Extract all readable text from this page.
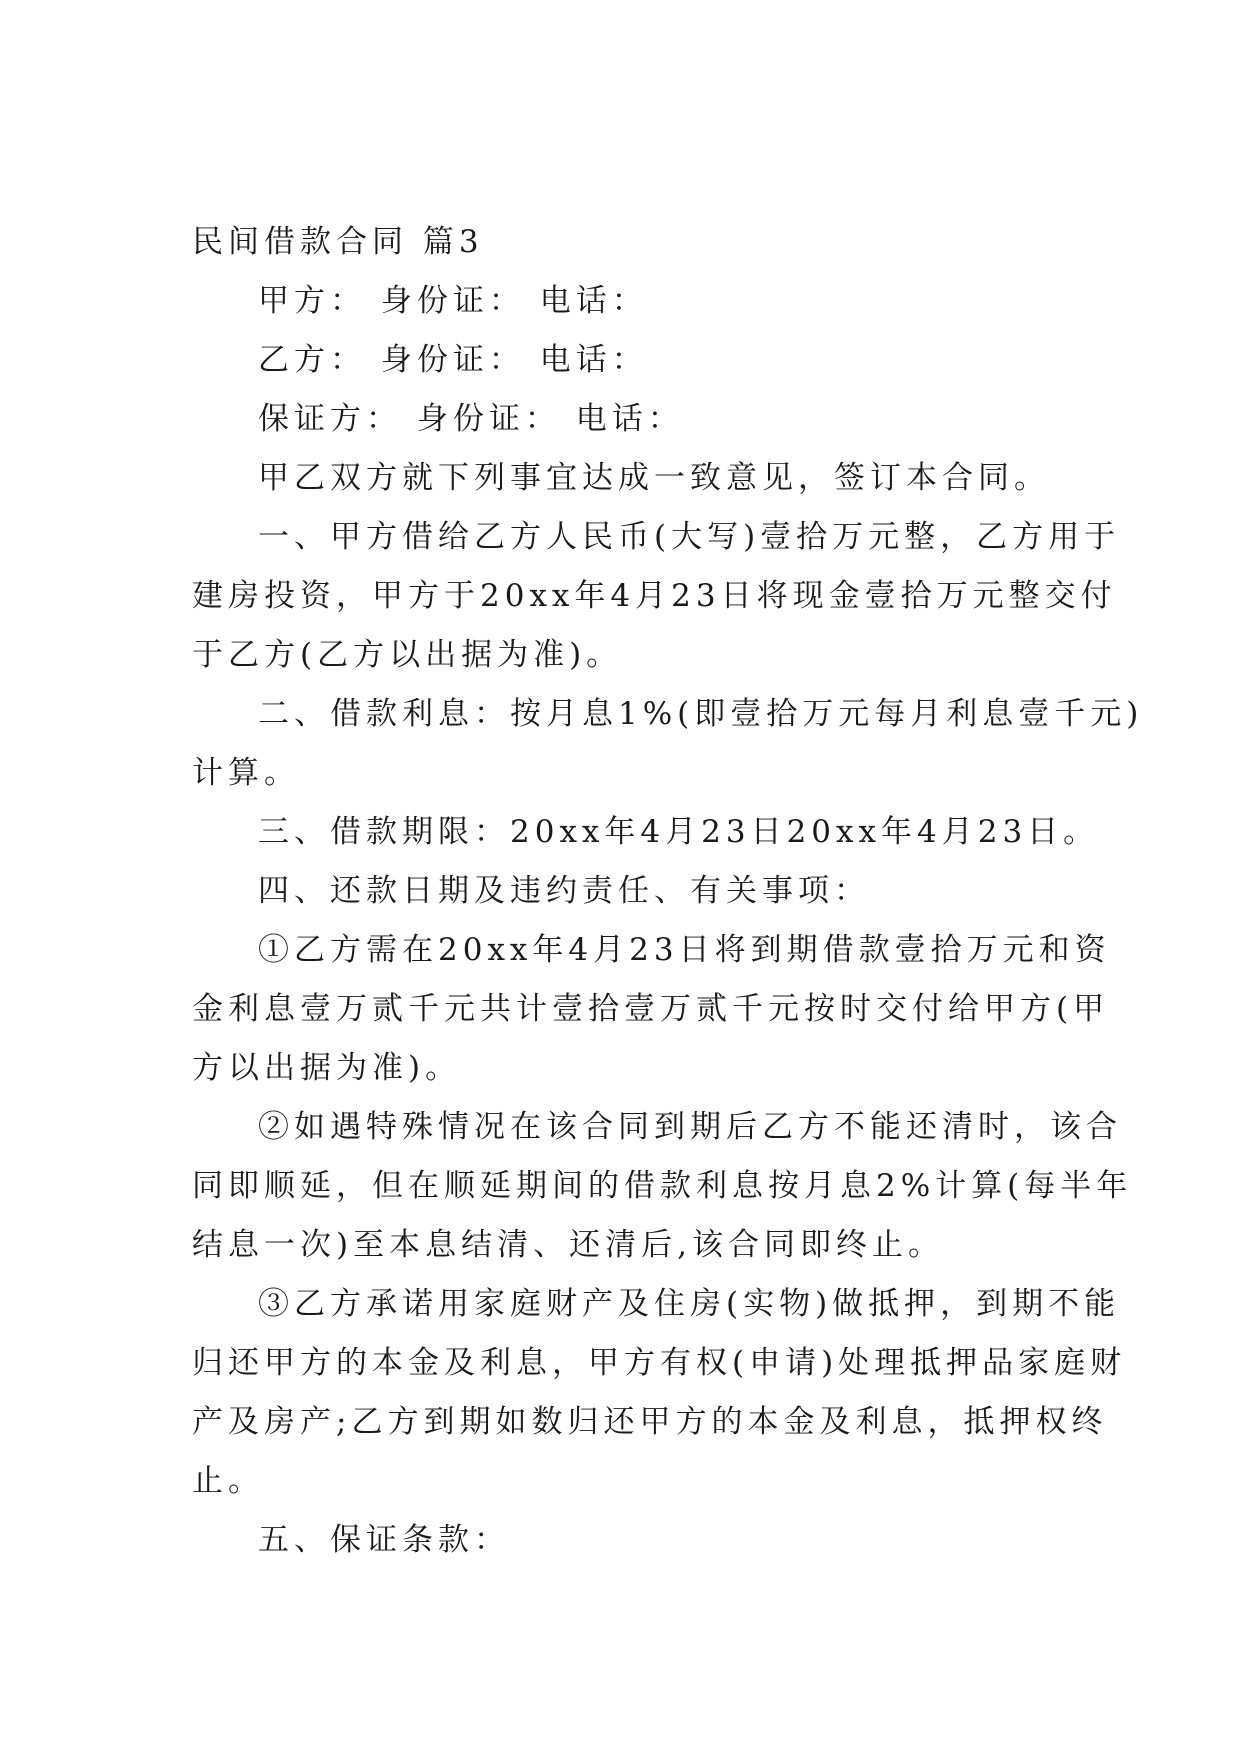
民间借款合同 篇3
甲方： 身份证： 电话：
乙方： 身份证： 电话：
保证方： 身份证： 电话：
甲乙双方就下列事宜达成一致意见，签订本合同。
一、甲方借给乙方人民币(大写)壹拾万元整，乙方用于
建房投资，甲方于20xx年4月23日将现金壹拾万元整交付
于乙方(乙方以出据为准)。
二、借款利息：按月息1%(即壹拾万元每月利息壹千元)
计算。
三、借款期限：20xx年4月23日20xx年4月23日。
四、还款日期及违约责任、有关事项：
①乙方需在20xx年4月23日将到期借款壹拾万元和资
金利息壹万贰千元共计壹拾壹万贰千元按时交付给甲方(甲
方以出据为准)。
②如遇特殊情况在该合同到期后乙方不能还清时，该合
同即顺延，但在顺延期间的借款利息按月息2%计算(每半年
结息一次)至本息结清、还清后,该合同即终止。
③乙方承诺用家庭财产及住房(实物)做抵押，到期不能
归还甲方的本金及利息，甲方有权(申请)处理抵押品家庭财
产及房产;乙方到期如数归还甲方的本金及利息，抵押权终
止。
五、保证条款：
